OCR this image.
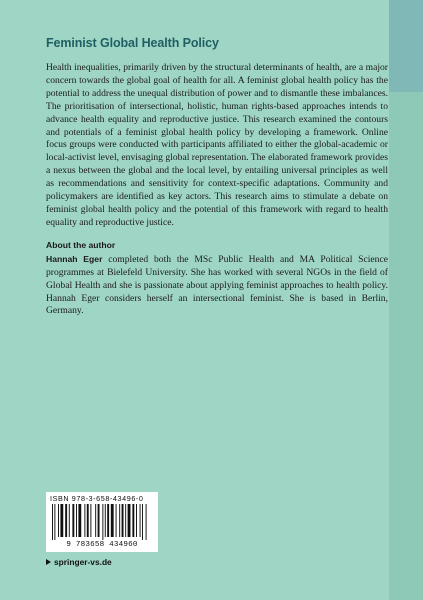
Feminist Global Health Policy

Health inequalities, primarily driven by the structural determinants of health, are a major concern towards the global goal of health for all. A feminist global health policy has the potential to address the unequal distribution of power and to dismantle these imbalances. The prioritisation of intersectional, holistic, human rights-based approaches intends to advance health equality and reproductive justice. This research examined the contours and potentials of a feminist global health policy by developing a framework. Online focus groups were conducted with participants affiliated to either the global-academic or local-activist level, envisaging global representation. The elaborated framework provides a nexus between the global and the local level, by entailing universal principles as well as recommendations and sensitivity for context-specific adaptations. Community and policymakers are identified as key actors. This research aims to stimulate a debate on feminist global health policy and the potential of this framework with regard to health equality and reproductive justice.

About the author

Hannah Eger completed both the MSc Public Health and MA Political Science programmes at Bielefeld University. She has worked with several NGOs in the field of Global Health and she is passionate about applying feminist approaches to health policy. Hannah Eger considers herself an intersectional feminist. She is based in Berlin, Germany.

ISBN 978-3-658-43496-0
9 783658 434960
springer-vs.de
